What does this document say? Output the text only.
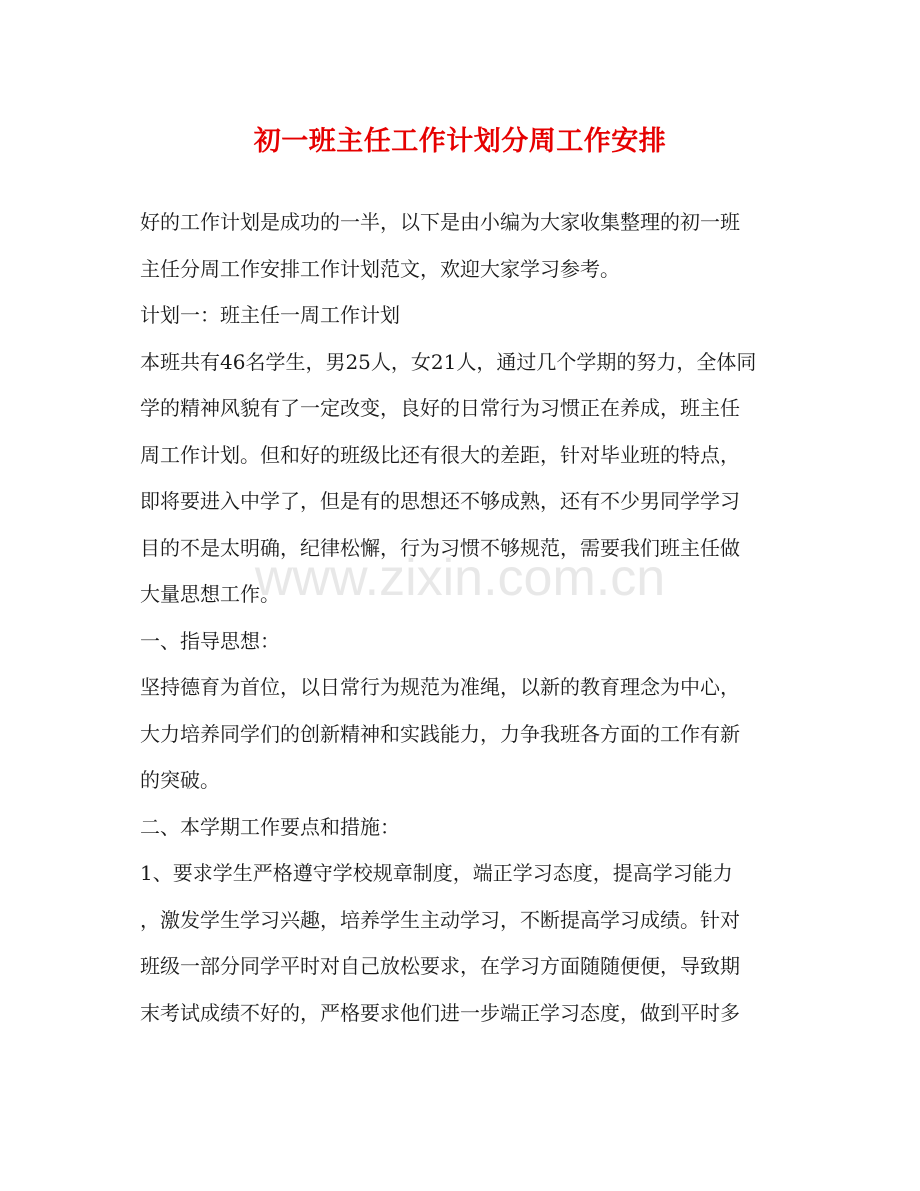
初一班主任工作计划分周工作安排
好的工作计划是成功的一半，以下是由小编为大家收集整理的初一班
主任分周工作安排工作计划范文，欢迎大家学习参考。
计划一：班主任一周工作计划
本班共有46名学生，男25人，女21人，通过几个学期的努力，全体同
学的精神风貌有了一定改变，良好的日常行为习惯正在养成，班主任
周工作计划。但和好的班级比还有很大的差距，针对毕业班的特点，
即将要进入中学了，但是有的思想还不够成熟，还有不少男同学学习
目的不是太明确，纪律松懈，行为习惯不够规范，需要我们班主任做
大量思想工作。
一、指导思想：
坚持德育为首位，以日常行为规范为准绳，以新的教育理念为中心，
大力培养同学们的创新精神和实践能力，力争我班各方面的工作有新
的突破。
二、本学期工作要点和措施：
1、要求学生严格遵守学校规章制度，端正学习态度，提高学习能力
，激发学生学习兴趣，培养学生主动学习，不断提高学习成绩。针对
班级一部分同学平时对自己放松要求，在学习方面随随便便，导致期
末考试成绩不好的，严格要求他们进一步端正学习态度，做到平时多
www.zixin.com.cn
